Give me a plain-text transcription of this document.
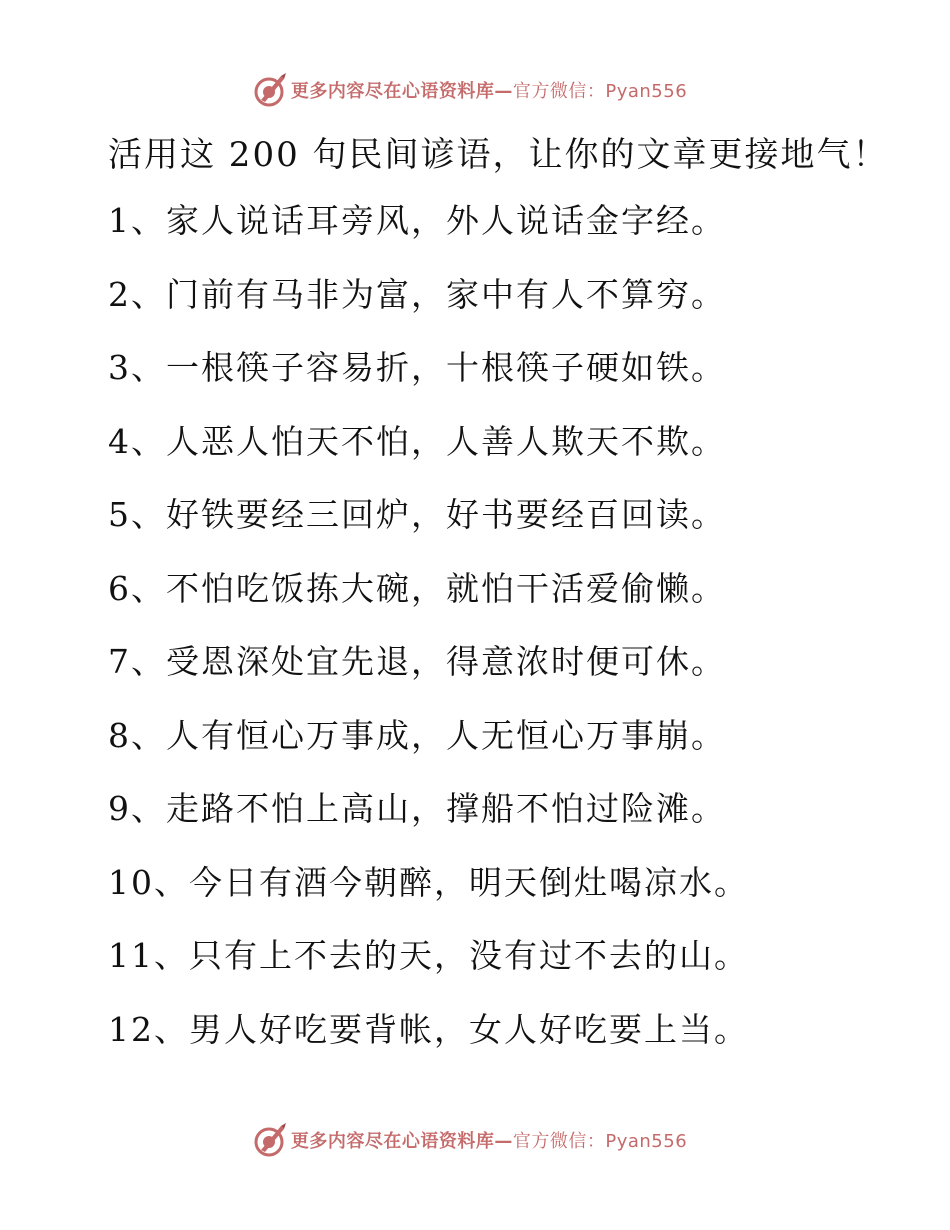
更多内容尽在心语资料库—官方微信：Pyan556
活用这 200 句民间谚语，让你的文章更接地气！
1、家人说话耳旁风，外人说话金字经。
2、门前有马非为富，家中有人不算穷。
3、一根筷子容易折，十根筷子硬如铁。
4、人恶人怕天不怕，人善人欺天不欺。
5、好铁要经三回炉，好书要经百回读。
6、不怕吃饭拣大碗，就怕干活爱偷懒。
7、受恩深处宜先退，得意浓时便可休。
8、人有恒心万事成，人无恒心万事崩。
9、走路不怕上高山，撑船不怕过险滩。
10、今日有酒今朝醉，明天倒灶喝凉水。
11、只有上不去的天，没有过不去的山。
12、男人好吃要背帐，女人好吃要上当。
更多内容尽在心语资料库—官方微信：Pyan556
